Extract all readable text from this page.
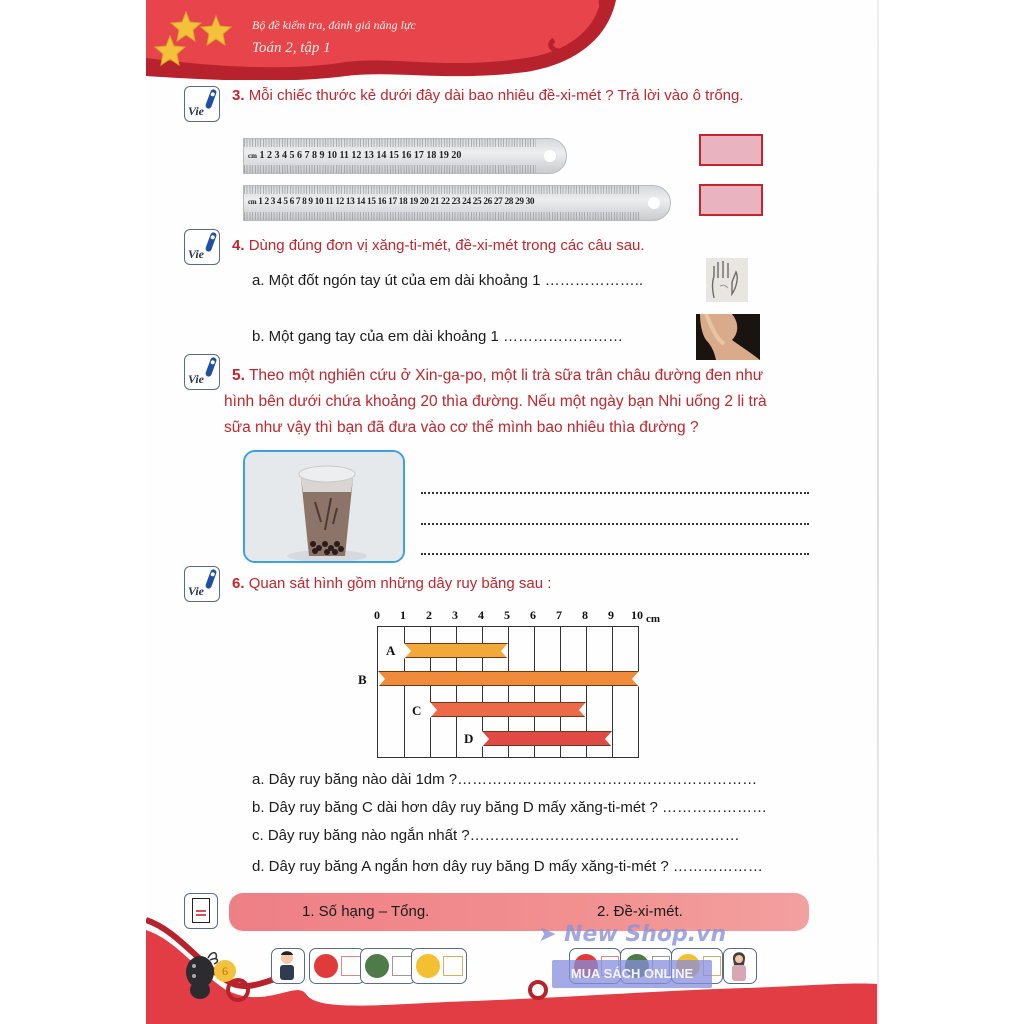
Bộ đề kiểm tra, đánh giá năng lực
Toán 2, tập 1
Vie
3. Mỗi chiếc thước kẻ dưới đây dài bao nhiêu đề-xi-mét ? Trả lời vào ô trống.
cm 1 2 3 4 5 6 7 8 9 10 11 12 13 14 15 16 17 18 19 20
cm 1 2 3 4 5 6 7 8 9 10 11 12 13 14 15 16 17 18 19 20 21 22 23 24 25 26 27 28 29 30
Vie 4. Dùng đúng đơn vị xăng-ti-mét, đề-xi-mét trong các câu sau.
a. Một đốt ngón tay út của em dài khoảng 1 ………………..
b. Một gang tay của em dài khoảng 1 ……………………
Vie 5. Theo một nghiên cứu ở Xin-ga-po, một li trà sữa trân châu đường đen như
hình bên dưới chứa khoảng 20 thìa đường. Nếu một ngày bạn Nhi uống 2 li trà
sữa như vậy thì bạn đã đưa vào cơ thể mình bao nhiêu thìa đường ?
Vie 6. Quan sát hình gồm những dây ruy băng sau :
0 1 2 3 4 5 6 7 8 9 10 cm
A
B
C
D
a. Dây ruy băng nào dài 1dm ?……………………………………………………
b. Dây ruy băng C dài hơn dây ruy băng D mấy xăng-ti-mét ? …………………
c. Dây ruy băng nào ngắn nhất ?………………………………………………
d. Dây ruy băng A ngắn hơn dây ruy băng D mấy xăng-ti-mét ? ………………
1. Số hạng – Tổng.	2. Đề-xi-mét.
6
➤ New Shop.vn
MUA SÁCH ONLINE
